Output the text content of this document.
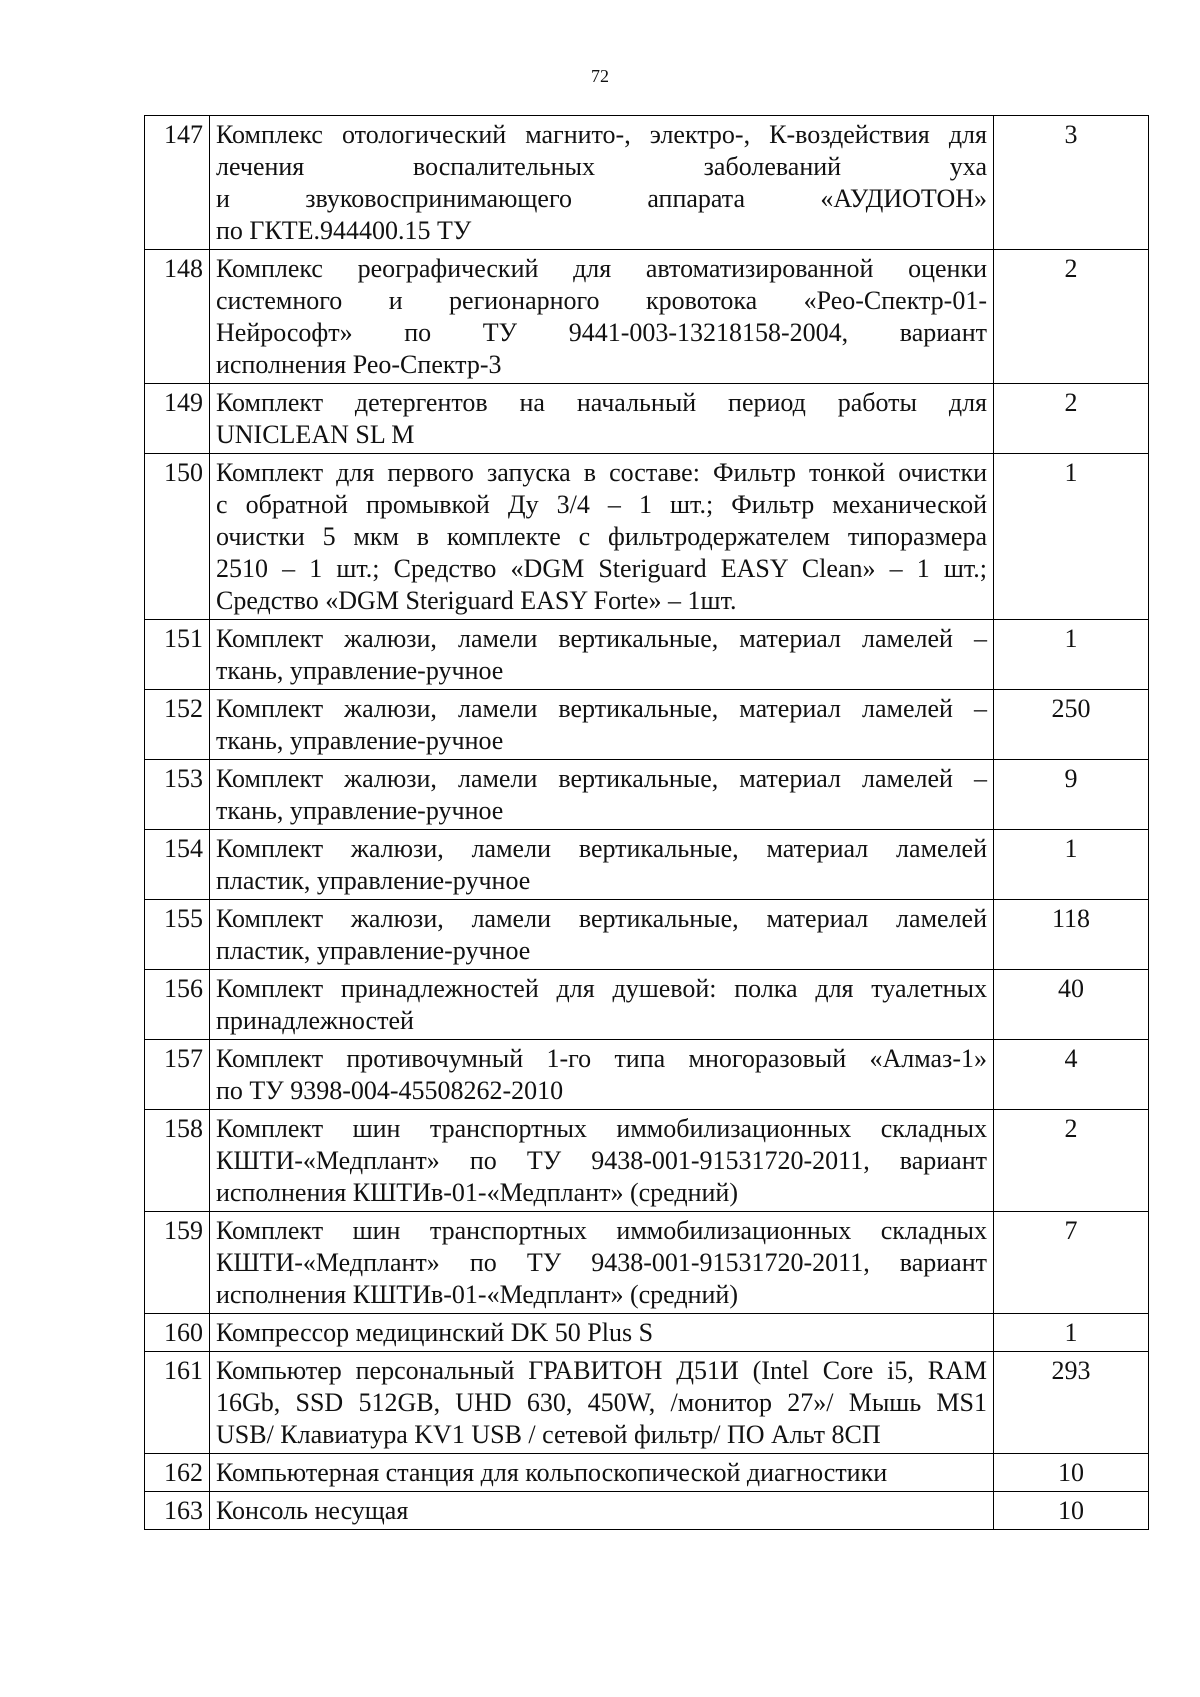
72
147	Комплекс отологический магнито-, электро-, К-воздействия для
лечения воспалительных заболеваний уха
и звуковоспринимающего аппарата «АУДИОТОН»
по ГКТЕ.944400.15 ТУ	3
148	Комплекс реографический для автоматизированной оценки
системного и регионарного кровотока «Рео-Спектр-01-
Нейрософт» по ТУ 9441-003-13218158-2004, вариант
исполнения Рео-Спектр-3	2
149	Комплект детергентов на начальный период работы для
UNICLEAN SL M	2
150	Комплект для первого запуска в составе: Фильтр тонкой очистки
с обратной промывкой Ду 3/4 – 1 шт.; Фильтр механической
очистки 5 мкм в комплекте с фильтродержателем типоразмера
2510 – 1 шт.; Средство «DGM Steriguard EASY Clean» – 1 шт.;
Средство «DGM Steriguard EASY Forte» – 1шт.	1
151	Комплект жалюзи, ламели вертикальные, материал ламелей –
ткань, управление-ручное	1
152	Комплект жалюзи, ламели вертикальные, материал ламелей –
ткань, управление-ручное	250
153	Комплект жалюзи, ламели вертикальные, материал ламелей –
ткань, управление-ручное	9
154	Комплект жалюзи, ламели вертикальные, материал ламелей
пластик, управление-ручное	1
155	Комплект жалюзи, ламели вертикальные, материал ламелей
пластик, управление-ручное	118
156	Комплект принадлежностей для душевой: полка для туалетных
принадлежностей	40
157	Комплект противочумный 1-го типа многоразовый «Алмаз-1»
по ТУ 9398-004-45508262-2010	4
158	Комплект шин транспортных иммобилизационных складных
КШТИ-«Медплант» по ТУ 9438-001-91531720-2011, вариант
исполнения КШТИв-01-«Медплант» (средний)	2
159	Комплект шин транспортных иммобилизационных складных
КШТИ-«Медплант» по ТУ 9438-001-91531720-2011, вариант
исполнения КШТИв-01-«Медплант» (средний)	7
160	Компрессор медицинский DK 50 Plus S	1
161	Компьютер персональный ГРАВИТОН Д51И (Intel Core i5, RAM
16Gb, SSD 512GB, UHD 630, 450W, /монитор 27»/ Мышь MS1
USB/ Клавиатура KV1 USB / сетевой фильтр/ ПО Альт 8СП	293
162	Компьютерная станция для кольпоскопической диагностики	10
163	Консоль несущая	10
